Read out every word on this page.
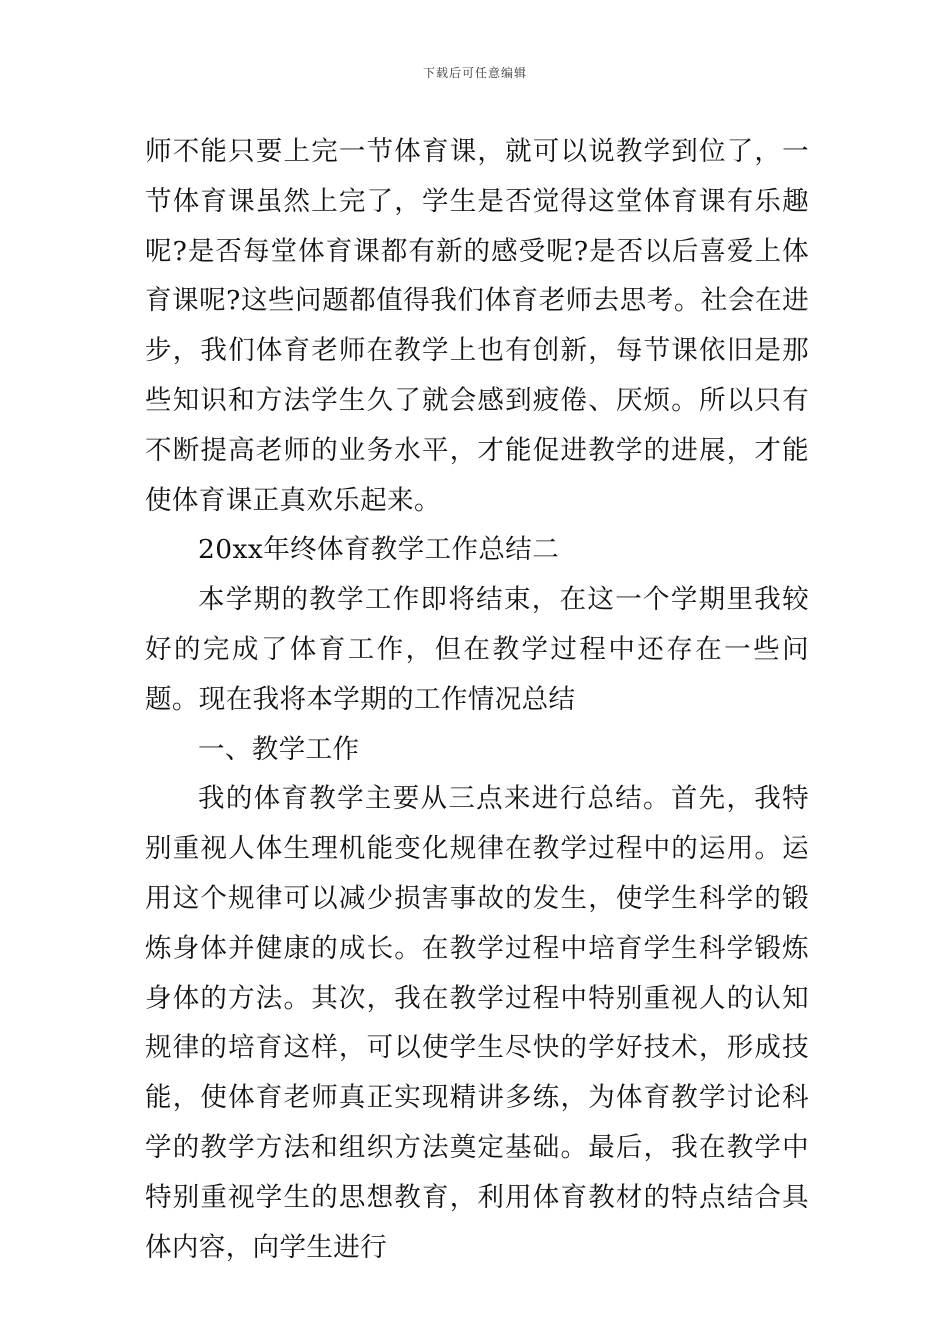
下载后可任意编辑

师不能只要上完一节体育课，就可以说教学到位了，一节体育课虽然上完了，学生是否觉得这堂体育课有乐趣呢?是否每堂体育课都有新的感受呢?是否以后喜爱上体育课呢?这些问题都值得我们体育老师去思考。社会在进步，我们体育老师在教学上也有创新，每节课依旧是那些知识和方法学生久了就会感到疲倦、厌烦。所以只有不断提高老师的业务水平，才能促进教学的进展，才能使体育课正真欢乐起来。

20xx年终体育教学工作总结二

本学期的教学工作即将结束，在这一个学期里我较好的完成了体育工作，但在教学过程中还存在一些问题。现在我将本学期的工作情况总结

一、教学工作

我的体育教学主要从三点来进行总结。首先，我特别重视人体生理机能变化规律在教学过程中的运用。运用这个规律可以减少损害事故的发生，使学生科学的锻炼身体并健康的成长。在教学过程中培育学生科学锻炼身体的方法。其次，我在教学过程中特别重视人的认知规律的培育这样，可以使学生尽快的学好技术，形成技能，使体育老师真正实现精讲多练，为体育教学讨论科学的教学方法和组织方法奠定基础。最后，我在教学中特别重视学生的思想教育，利用体育教材的特点结合具体内容，向学生进行
